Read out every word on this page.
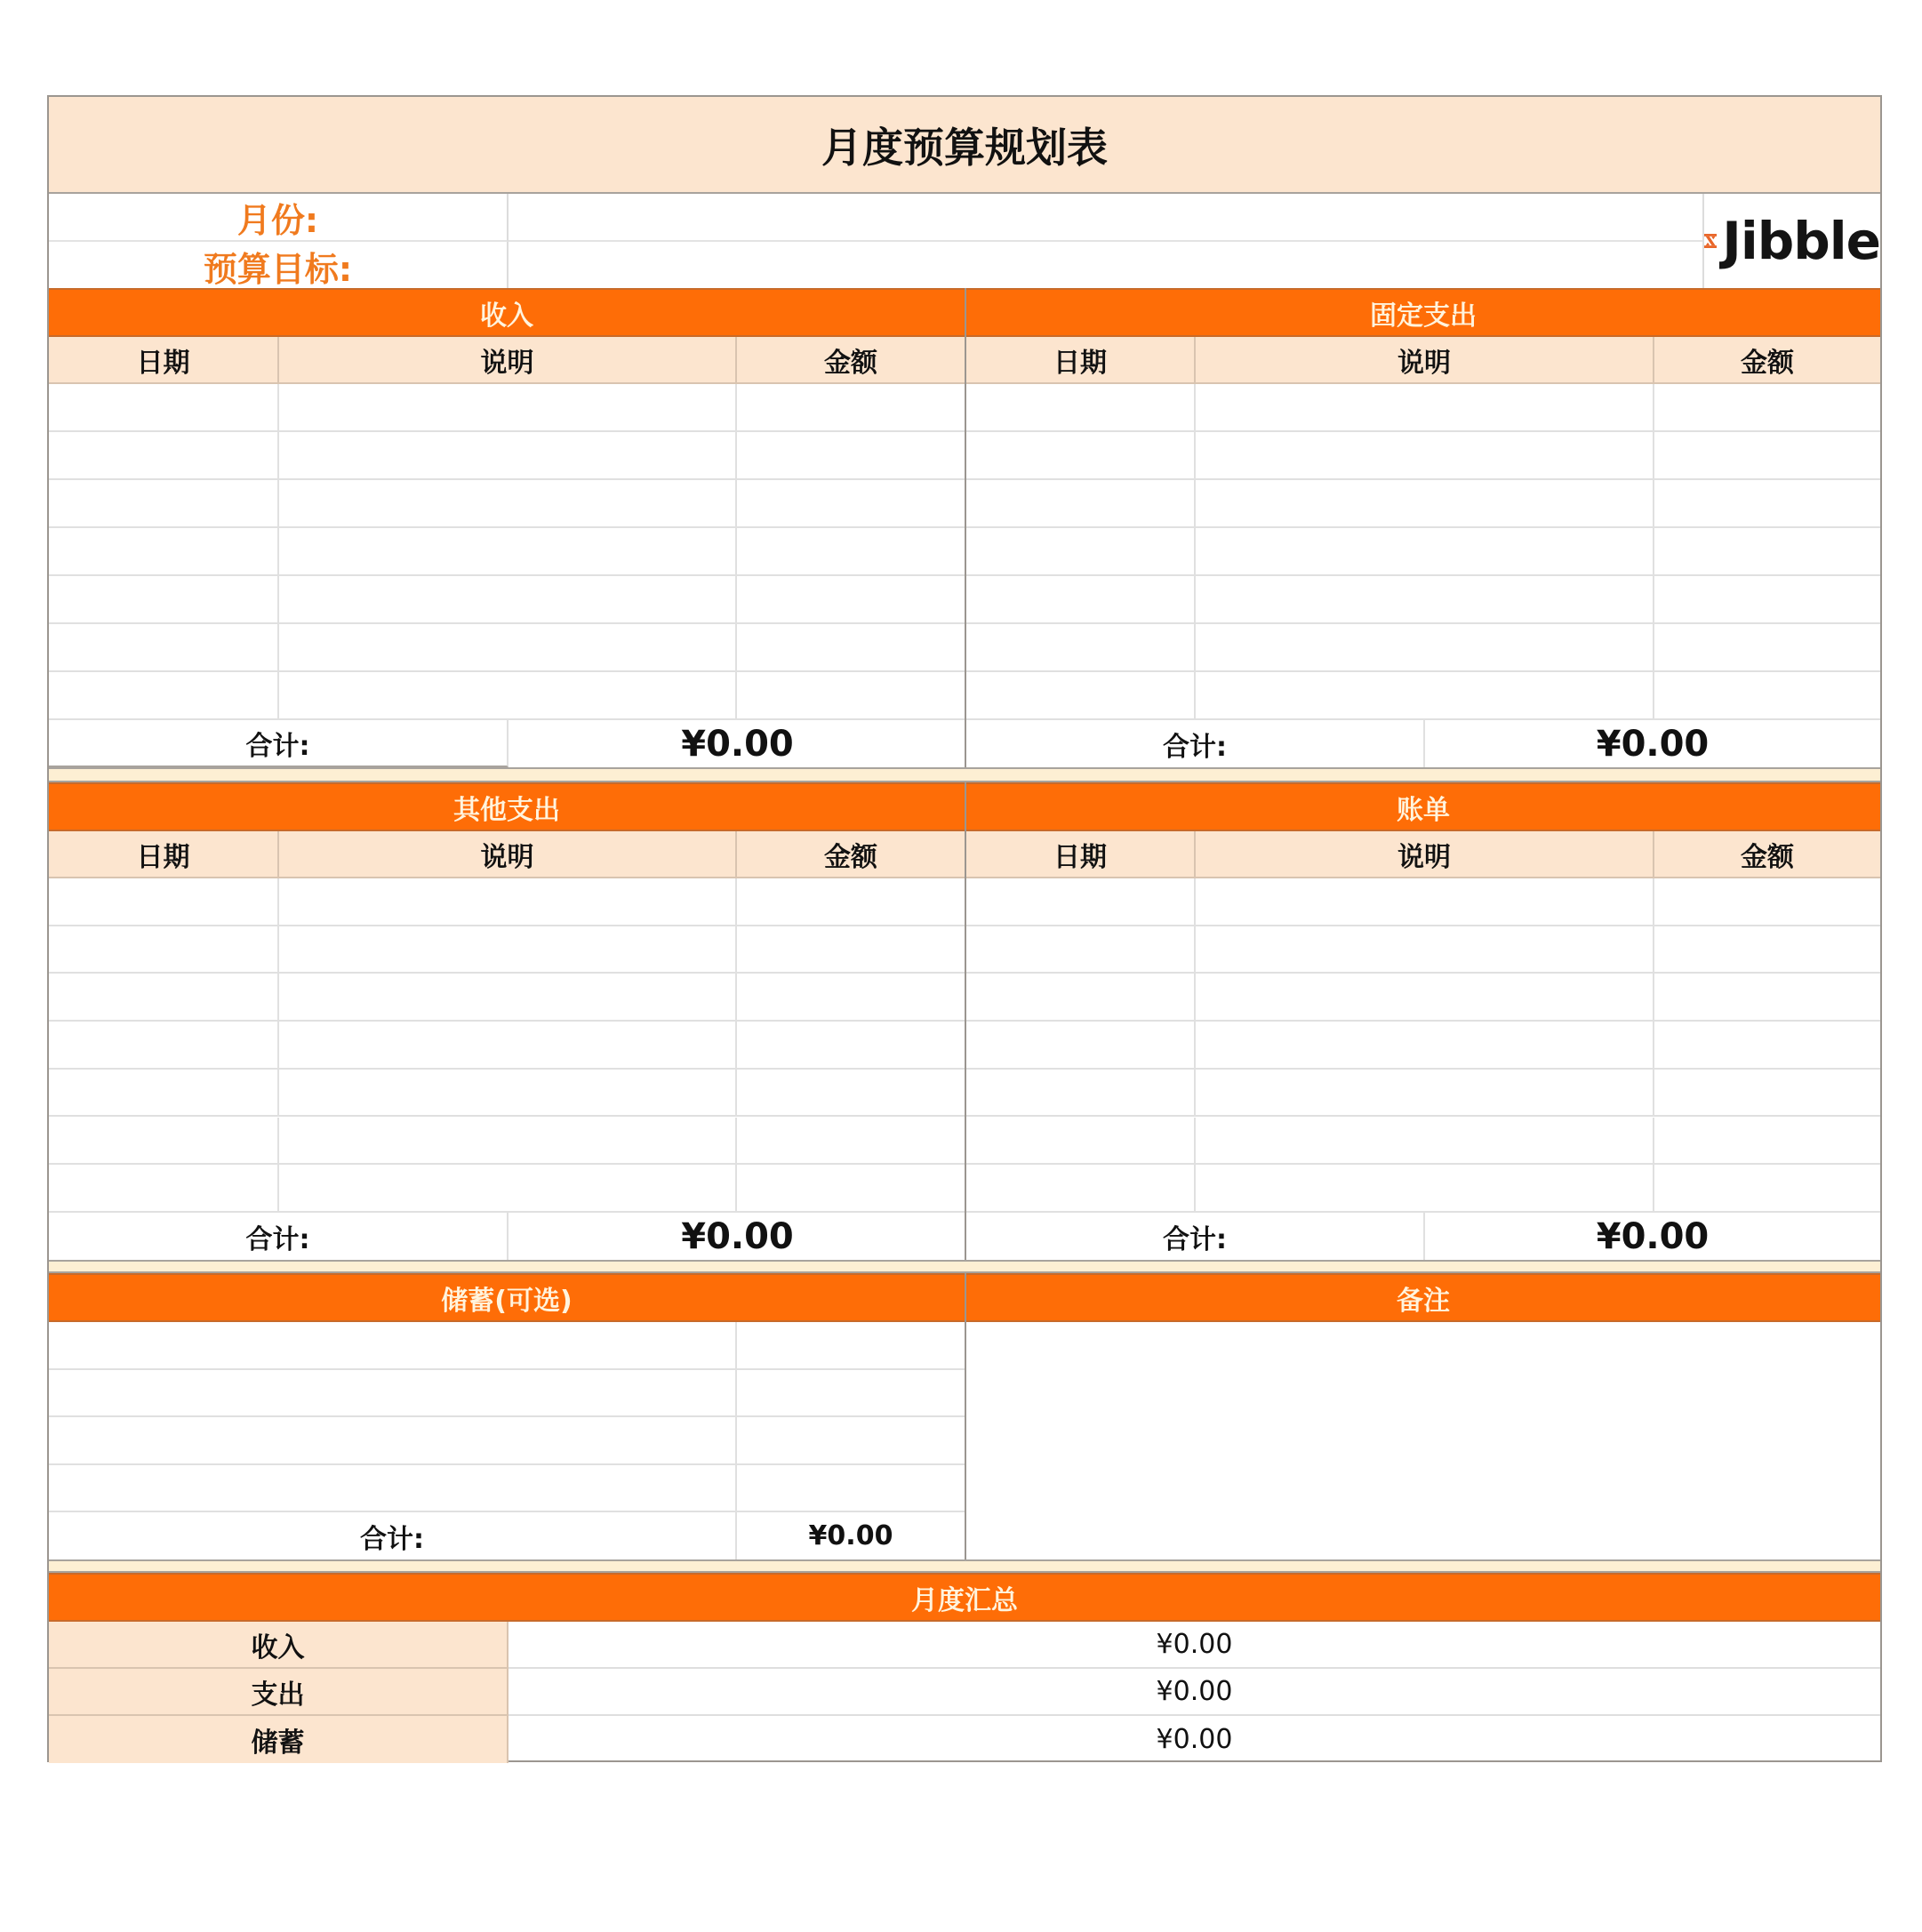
月度预算规划表
月份:
预算目标:	Jibble
收入	固定支出
日期	说明	金额	日期	说明	金额
合计:	¥0.00	合计:	¥0.00
其他支出	账单
日期	说明	金额	日期	说明	金额
合计:	¥0.00	合计:	¥0.00
储蓄(可选)	备注
合计:	¥0.00
月度汇总
收入	¥0.00
支出	¥0.00
储蓄	¥0.00
